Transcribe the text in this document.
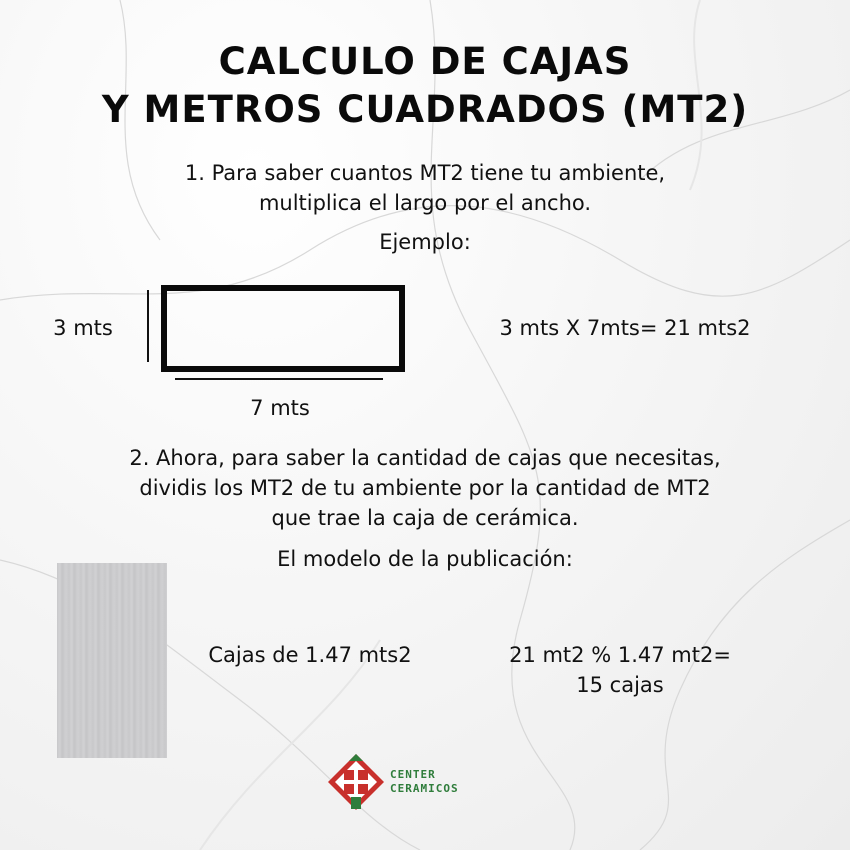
CALCULO DE CAJAS
Y METROS CUADRADOS (MT2)
1. Para saber cuantos MT2 tiene tu ambiente,
multiplica el largo por el ancho.
Ejemplo:
3 mts
7 mts
3 mts X 7mts= 21 mts2
2. Ahora, para saber la cantidad de cajas que necesitas,
dividis los MT2 de tu ambiente por la cantidad de MT2
que trae la caja de cerámica.
El modelo de la publicación:
Cajas de 1.47 mts2	21 mt2 % 1.47 mt2=
15 cajas
CENTER
CERAMICOS
